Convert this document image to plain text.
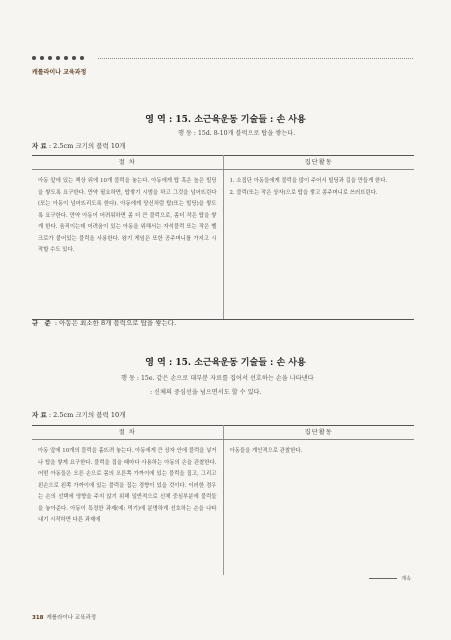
캐롤라이나 교육과정
영 역 : 15. 소근육운동 기술들 : 손 사용
행 동 : 15d. 8-10개 블럭으로 탑을 쌓는다.
자 료 : 2.5cm 크기의 블럭 10개
절 차	집단활동
아동 앞에 있는 책상 위에 10개 블럭을 놓는다. 아동에게 탑 혹은 높은 빌딩을 쌓도록 요구한다. 만약 필요하면, 탑쌓기 시범을 하고 그것을 넘어뜨린다(또는 아동이 넘어뜨리도록 한다). 아동에게 당신처럼 탑(또는 빌딩)을 쌓도록 요구한다. 만약 아동이 어려워하면 좀 더 큰 블럭으로, 좀더 작은 탑을 쌓게 한다. 움직이는데 어려움이 있는 아동을 위해서는 자석블럭 또는 작은 벨크로가 붙어있는 블럭을 사용한다. 왕기 게임은 또한 공주머니를 가지고 시작할 수도 있다.	1. 소집단 아동들에게 블럭을 많이 주어서 빌딩과 길을 만들게 한다.
2. 블럭(또는 작은 상자)으로 탑을 쌓고 콩주머니로 쓰러뜨린다.
규 준 : 아동은 최소한 8개 블럭으로 탑을 쌓는다.
영 역 : 15. 소근육운동 기술들 : 손 사용
행 동 : 15e. 같은 손으로 대부분 자료를 집어서 선호하는 손을 나타낸다
: 신체의 중심선을 넘으면서도 할 수 있다.
자 료 : 2.5cm 크기의 블럭 10개
절 차	집단활동
아동 앞에 10개의 블럭을 흩뜨려 놓는다. 아동에게 큰 상자 안에 블럭을 넣거나 탑을 쌓게 요구한다. 블럭을 집을 때마다 사용하는 아동의 손을 관찰한다. 어떤 아동들은 오른 손으로 몸의 오른쪽 가까이에 있는 블럭을 집고, 그리고 왼손으로 왼쪽 가까이에 있는 블럭을 집는 경향이 있을 것이다. 이러한 경우는 손의 선택에 영향을 주지 않기 위해 일반적으로 신체 중심부분에 블럭들을 놓아준다. 아동이 특정한 과제(예: 먹기)에 분명하게 선호하는 손을 나타내기 시작하면 다른 과제에	아동들을 개인적으로 관찰한다.
계속
318 캐롤라이나 교육과정
